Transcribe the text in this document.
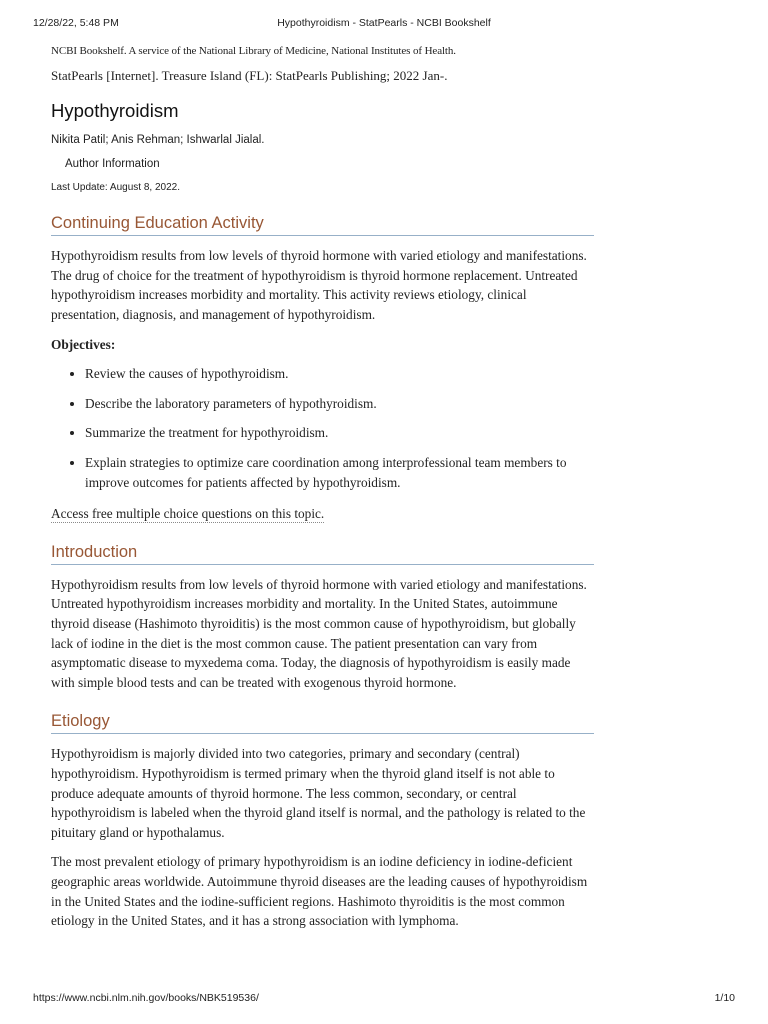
12/28/22, 5:48 PM	Hypothyroidism - StatPearls - NCBI Bookshelf

NCBI Bookshelf. A service of the National Library of Medicine, National Institutes of Health.

StatPearls [Internet]. Treasure Island (FL): StatPearls Publishing; 2022 Jan-.

Hypothyroidism
Nikita Patil; Anis Rehman; Ishwarlal Jialal.
Author Information
Last Update: August 8, 2022.
Continuing Education Activity

Hypothyroidism results from low levels of thyroid hormone with varied etiology and manifestations. The drug of choice for the treatment of hypothyroidism is thyroid hormone replacement. Untreated hypothyroidism increases morbidity and mortality. This activity reviews etiology, clinical presentation, diagnosis, and management of hypothyroidism.

Objectives:

• Review the causes of hypothyroidism.
• Describe the laboratory parameters of hypothyroidism.
• Summarize the treatment for hypothyroidism.
• Explain strategies to optimize care coordination among interprofessional team members to improve outcomes for patients affected by hypothyroidism.
Access free multiple choice questions on this topic.
Introduction

Hypothyroidism results from low levels of thyroid hormone with varied etiology and manifestations. Untreated hypothyroidism increases morbidity and mortality. In the United States, autoimmune thyroid disease (Hashimoto thyroiditis) is the most common cause of hypothyroidism, but globally lack of iodine in the diet is the most common cause. The patient presentation can vary from asymptomatic disease to myxedema coma. Today, the diagnosis of hypothyroidism is easily made with simple blood tests and can be treated with exogenous thyroid hormone.

Etiology

Hypothyroidism is majorly divided into two categories, primary and secondary (central) hypothyroidism. Hypothyroidism is termed primary when the thyroid gland itself is not able to produce adequate amounts of thyroid hormone. The less common, secondary, or central hypothyroidism is labeled when the thyroid gland itself is normal, and the pathology is related to the pituitary gland or hypothalamus.

The most prevalent etiology of primary hypothyroidism is an iodine deficiency in iodine-deficient geographic areas worldwide. Autoimmune thyroid diseases are the leading causes of hypothyroidism in the United States and the iodine-sufficient regions. Hashimoto thyroiditis is the most common etiology in the United States, and it has a strong association with lymphoma.

https://www.ncbi.nlm.nih.gov/books/NBK519536/	1/10
